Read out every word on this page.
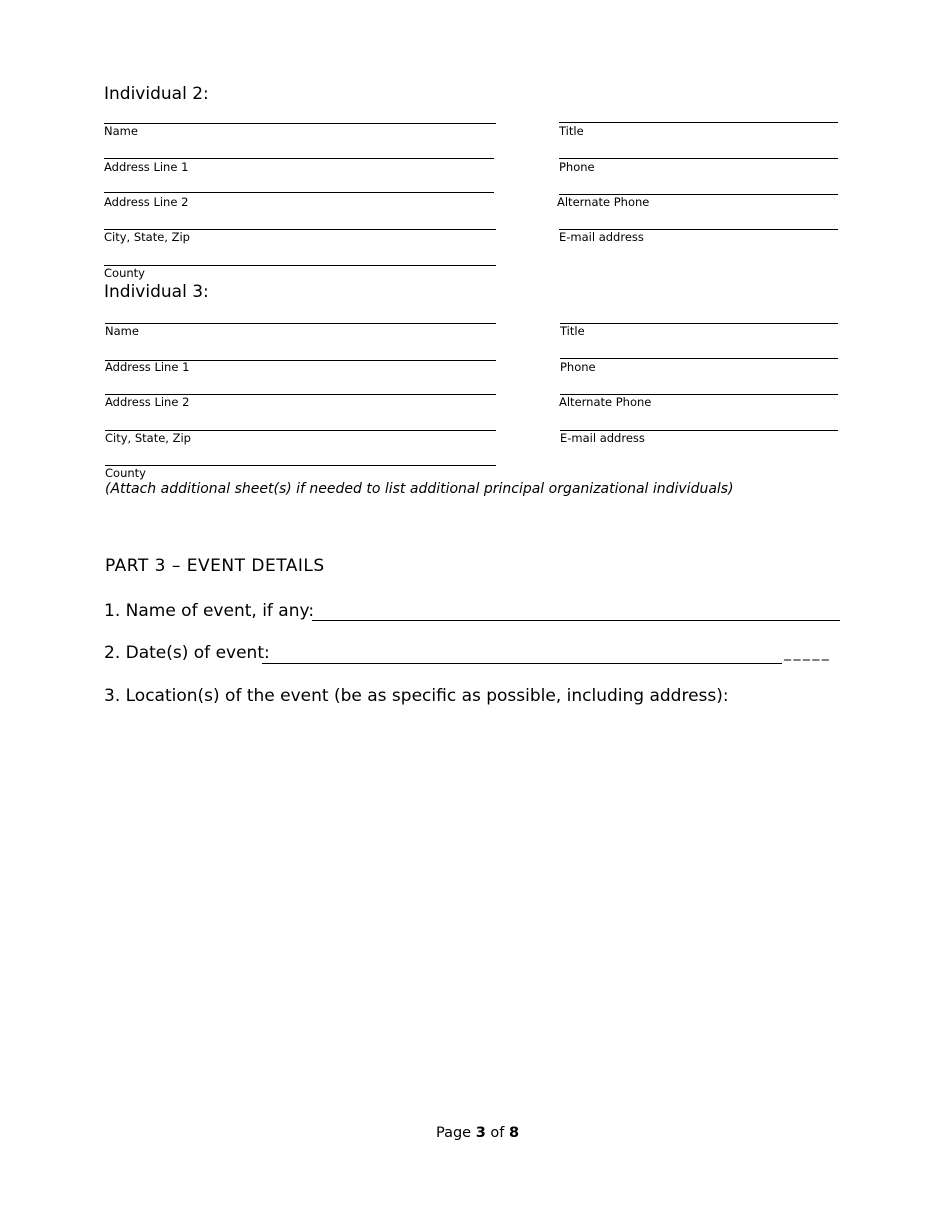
Individual 2:
Name
Address Line 1
Address Line 2
City, State, Zip
County
Title
Phone
Alternate Phone
E-mail address
Individual 3:
Name
Address Line 1
Address Line 2
City, State, Zip
County
Title
Phone
Alternate Phone
E-mail address
(Attach additional sheet(s) if needed to list additional principal organizational individuals)
PART 3 – EVENT DETAILS
1. Name of event, if any:
2. Date(s) of event:	_ _ _ _ _
3. Location(s) of the event (be as specific as possible, including address):
Page 3 of 8
